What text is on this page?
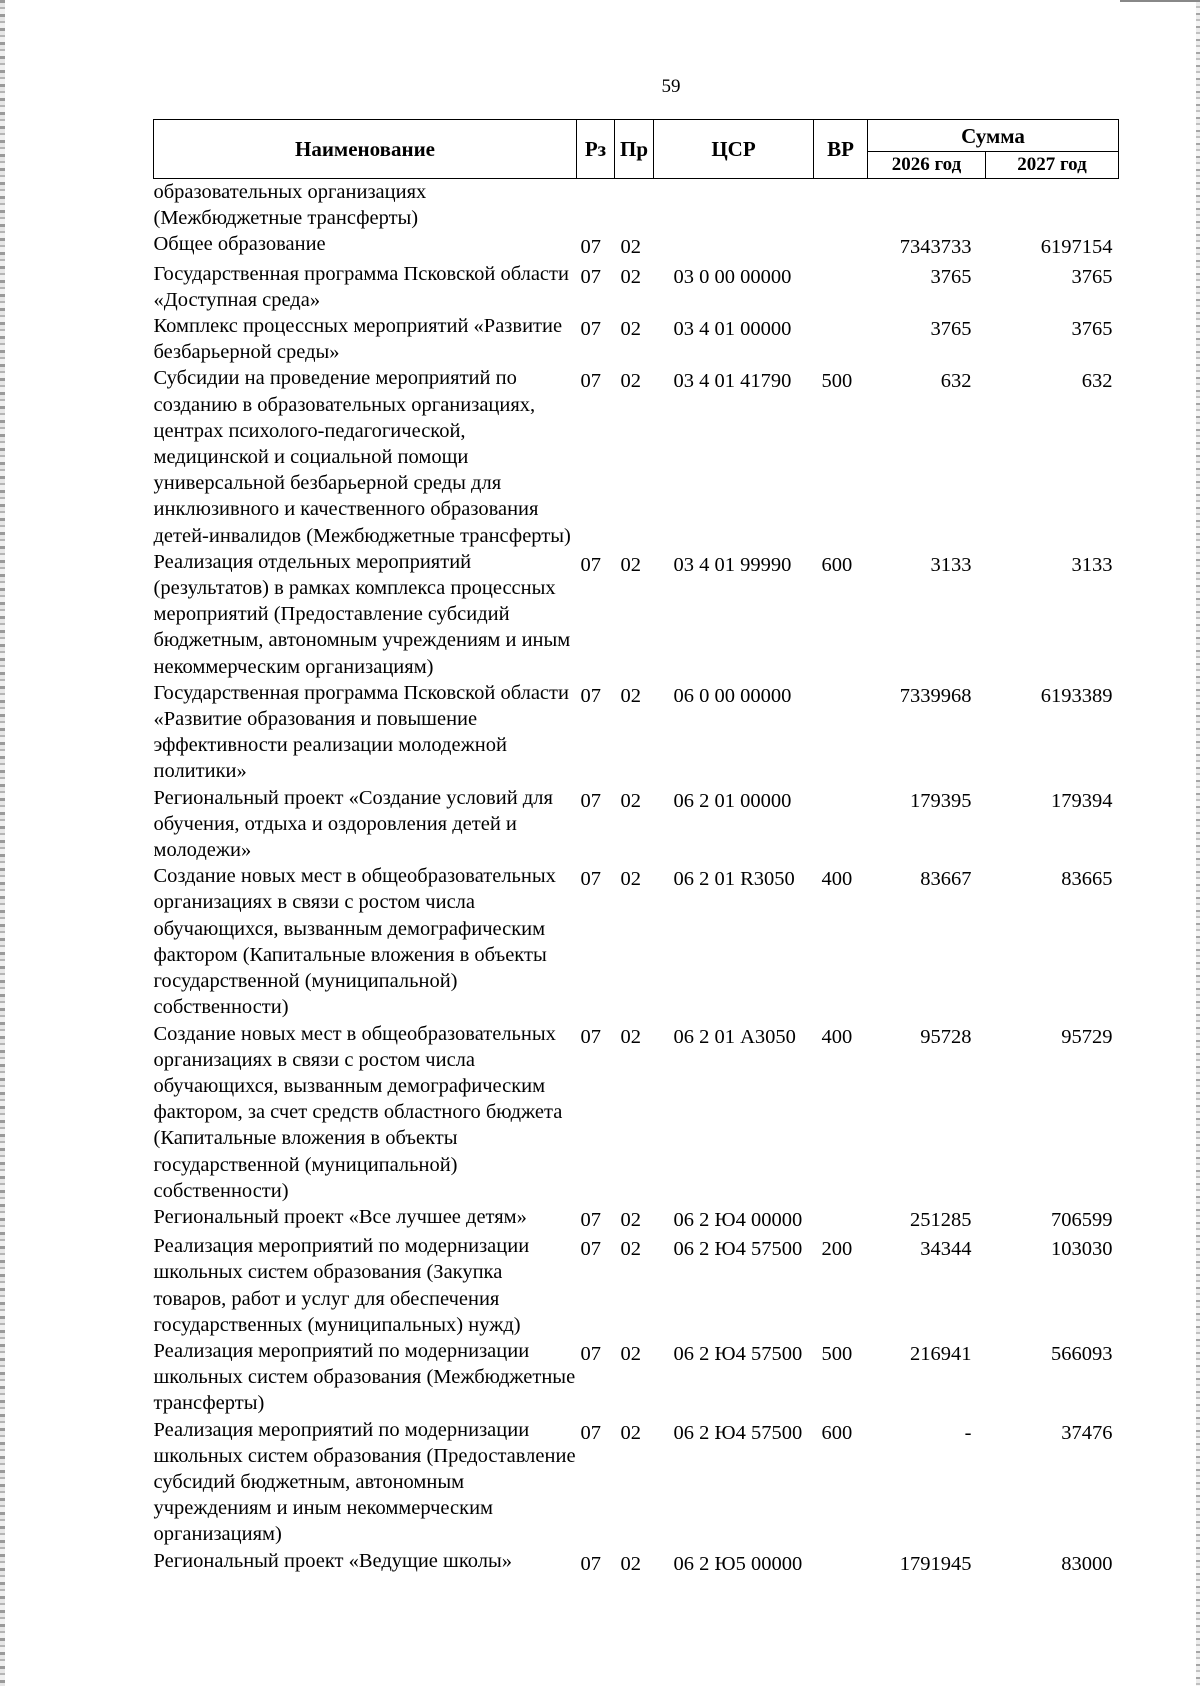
59
Наименование	Рз	Пр	ЦСР	ВР	Сумма	
					2026 год	2027 год
образовательных организациях (Межбюджетные трансферты)						
Общее образование	07	02			7343733	6197154
Государственная программа Псковской области «Доступная среда»	07	02	03 0 00 00000		3765	3765
Комплекс процессных мероприятий «Развитие безбарьерной среды»	07	02	03 4 01 00000		3765	3765
Субсидии на проведение мероприятий по созданию в образовательных организациях, центрах психолого-педагогической, медицинской и социальной помощи универсальной безбарьерной среды для инклюзивного и качественного образования детей-инвалидов (Межбюджетные трансферты)	07	02	03 4 01 41790	500	632	632
Реализация отдельных мероприятий (результатов) в рамках комплекса процессных мероприятий (Предоставление субсидий бюджетным, автономным учреждениям и иным некоммерческим организациям)	07	02	03 4 01 99990	600	3133	3133
Государственная программа Псковской области «Развитие образования и повышение эффективности реализации молодежной политики»	07	02	06 0 00 00000		7339968	6193389
Региональный проект «Создание условий для обучения, отдыха и оздоровления детей и молодежи»	07	02	06 2 01 00000		179395	179394
Создание новых мест в общеобразовательных организациях в связи с ростом числа обучающихся, вызванным демографическим фактором (Капитальные вложения в объекты государственной (муниципальной) собственности)	07	02	06 2 01 R3050	400	83667	83665
Создание новых мест в общеобразовательных организациях в связи с ростом числа обучающихся, вызванным демографическим фактором, за счет средств областного бюджета (Капитальные вложения в объекты государственной (муниципальной) собственности)	07	02	06 2 01 А3050	400	95728	95729
Региональный проект «Все лучшее детям»	07	02	06 2 Ю4 00000		251285	706599
Реализация мероприятий по модернизации школьных систем образования (Закупка товаров, работ и услуг для обеспечения государственных (муниципальных) нужд)	07	02	06 2 Ю4 57500	200	34344	103030
Реализация мероприятий по модернизации школьных систем образования (Межбюджетные трансферты)	07	02	06 2 Ю4 57500	500	216941	566093
Реализация мероприятий по модернизации школьных систем образования (Предоставление субсидий бюджетным, автономным учреждениям и иным некоммерческим организациям)	07	02	06 2 Ю4 57500	600	-	37476
Региональный проект «Ведущие школы»	07	02	06 2 Ю5 00000		1791945	83000
